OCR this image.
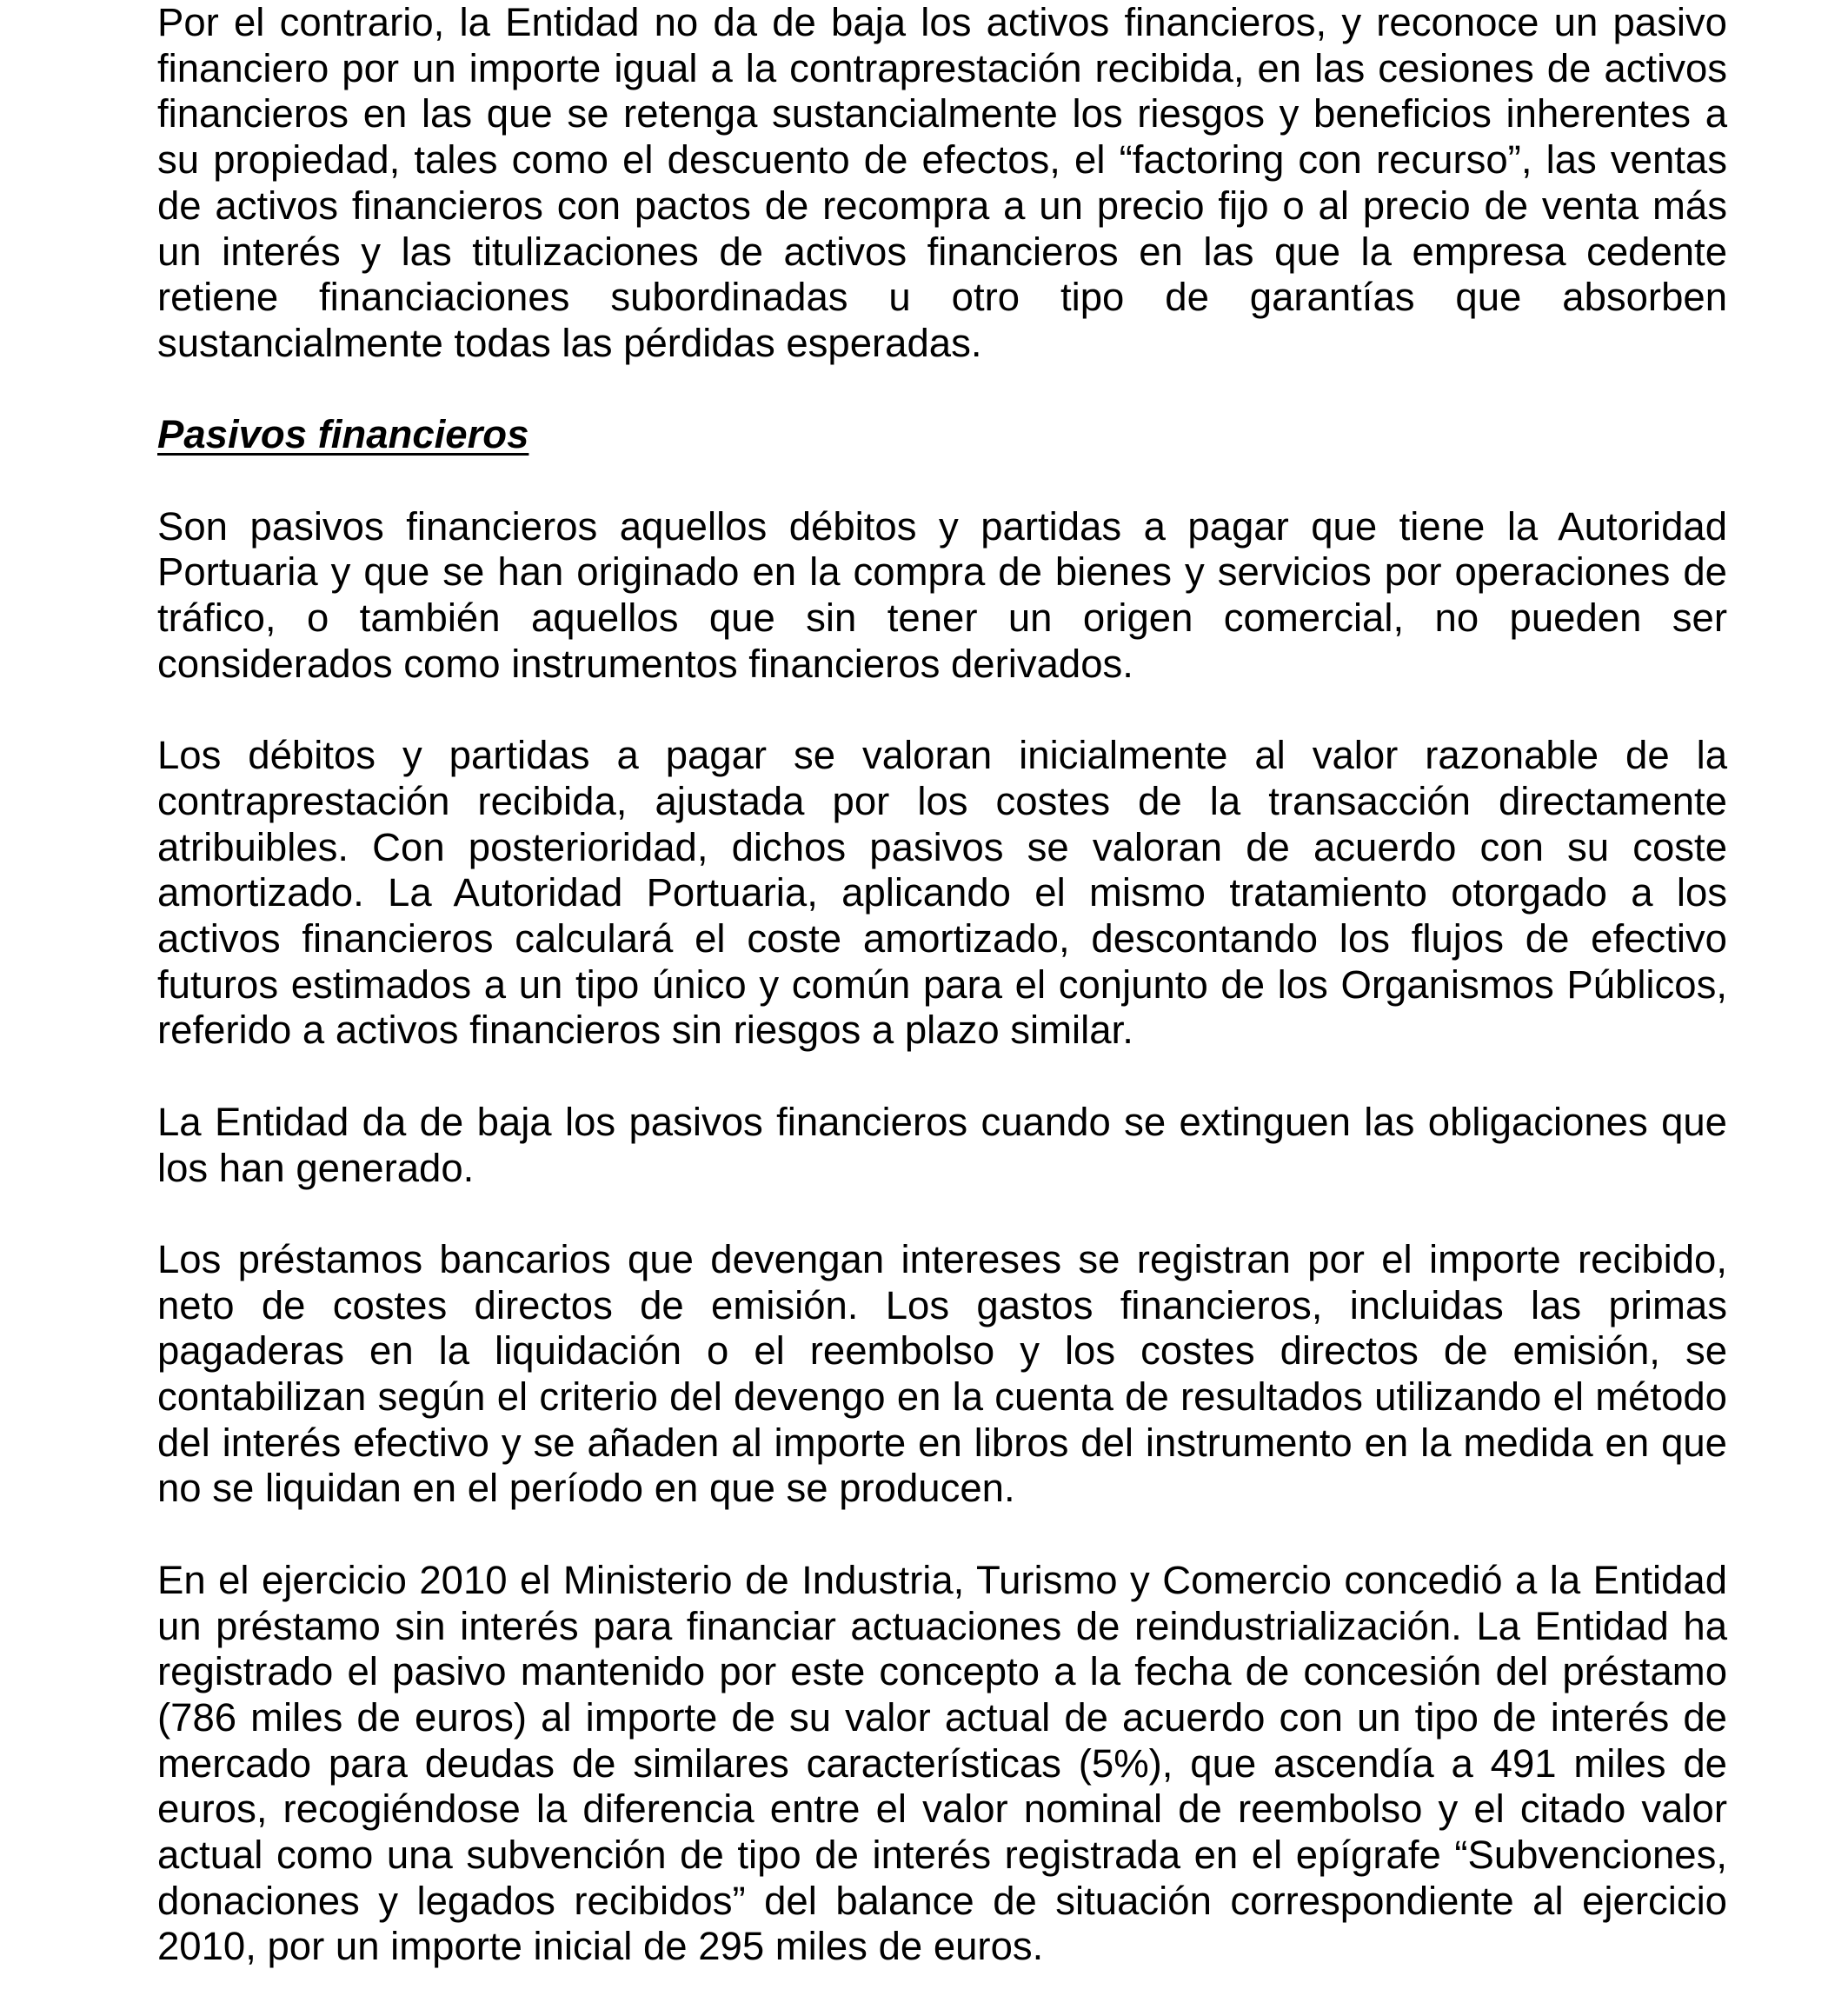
Por el contrario, la Entidad no da de baja los activos financieros, y reconoce un pasivo financiero por un importe igual a la contraprestación recibida, en las cesiones de activos financieros en las que se retenga sustancialmente los riesgos y beneficios inherentes a su propiedad, tales como el descuento de efectos, el “factoring con recurso”, las ventas de activos financieros con pactos de recompra a un precio fijo o al precio de venta más un interés y las titulizaciones de activos financieros en las que la empresa cedente retiene financiaciones subordinadas u otro tipo de garantías que absorben sustancialmente todas las pérdidas esperadas.

Pasivos financieros

Son pasivos financieros aquellos débitos y partidas a pagar que tiene la Autoridad Portuaria y que se han originado en la compra de bienes y servicios por operaciones de tráfico, o también aquellos que sin tener un origen comercial, no pueden ser considerados como instrumentos financieros derivados.

Los débitos y partidas a pagar se valoran inicialmente al valor razonable de la contraprestación recibida, ajustada por los costes de la transacción directamente atribuibles. Con posterioridad, dichos pasivos se valoran de acuerdo con su coste amortizado. La Autoridad Portuaria, aplicando el mismo tratamiento otorgado a los activos financieros calculará el coste amortizado, descontando los flujos de efectivo futuros estimados a un tipo único y común para el conjunto de los Organismos Públicos, referido a activos financieros sin riesgos a plazo similar.

La Entidad da de baja los pasivos financieros cuando se extinguen las obligaciones que los han generado.

Los préstamos bancarios que devengan intereses se registran por el importe recibido, neto de costes directos de emisión. Los gastos financieros, incluidas las primas pagaderas en la liquidación o el reembolso y los costes directos de emisión, se contabilizan según el criterio del devengo en la cuenta de resultados utilizando el método del interés efectivo y se añaden al importe en libros del instrumento en la medida en que no se liquidan en el período en que se producen.

En el ejercicio 2010 el Ministerio de Industria, Turismo y Comercio concedió a la Entidad un préstamo sin interés para financiar actuaciones de reindustrialización. La Entidad ha registrado el pasivo mantenido por este concepto a la fecha de concesión del préstamo (786 miles de euros) al importe de su valor actual de acuerdo con un tipo de interés de mercado para deudas de similares características (5%), que ascendía a 491 miles de euros, recogiéndose la diferencia entre el valor nominal de reembolso y el citado valor actual como una subvención de tipo de interés registrada en el epígrafe “Subvenciones, donaciones y legados recibidos” del balance de situación correspondiente al ejercicio 2010, por un importe inicial de 295 miles de euros.
